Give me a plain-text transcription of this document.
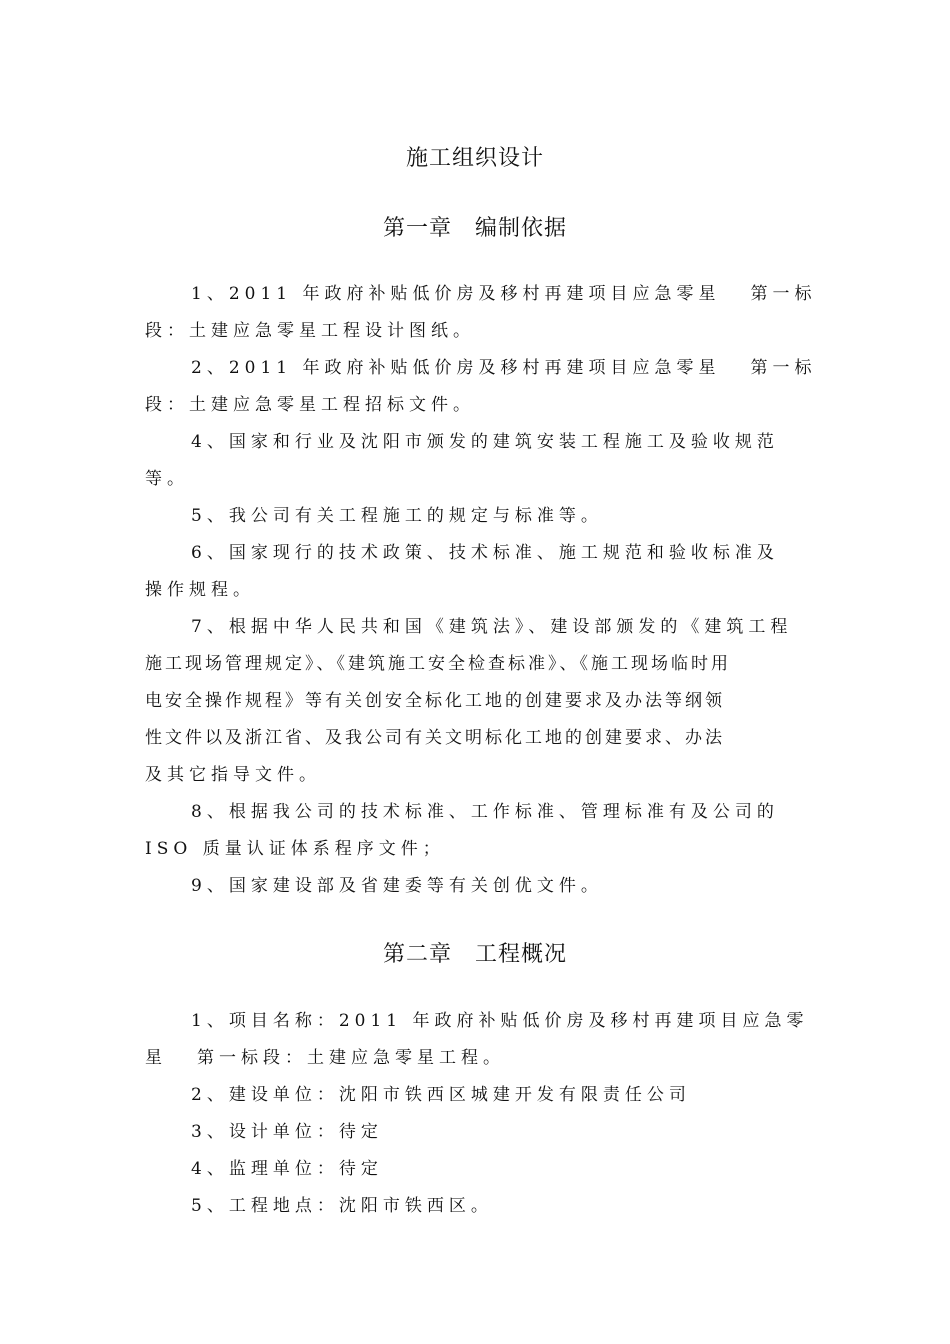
施工组织设计
第一章　编制依据
1、2011 年政府补贴低价房及移村再建项目应急零星 第一标
段：土建应急零星工程设计图纸。
2、2011 年政府补贴低价房及移村再建项目应急零星 第一标
段：土建应急零星工程招标文件。
4、国家和行业及沈阳市颁发的建筑安装工程施工及验收规范
等。
5、我公司有关工程施工的规定与标准等。
6、国家现行的技术政策、技术标准、施工规范和验收标准及
操作规程。
7、根据中华人民共和国《建筑法》、建设部颁发的《建筑工程
施工现场管理规定》、《建筑施工安全检查标准》、《施工现场临时用
电安全操作规程》等有关创安全标化工地的创建要求及办法等纲领
性文件以及浙江省、及我公司有关文明标化工地的创建要求、办法
及其它指导文件。
8、根据我公司的技术标准、工作标准、管理标准有及公司的
ISO 质量认证体系程序文件；
9、国家建设部及省建委等有关创优文件。
第二章　工程概况
1、项目名称：2011 年政府补贴低价房及移村再建项目应急零
星 第一标段：土建应急零星工程。
2、建设单位：沈阳市铁西区城建开发有限责任公司
3、设计单位：待定
4、监理单位：待定
5、工程地点：沈阳市铁西区。
